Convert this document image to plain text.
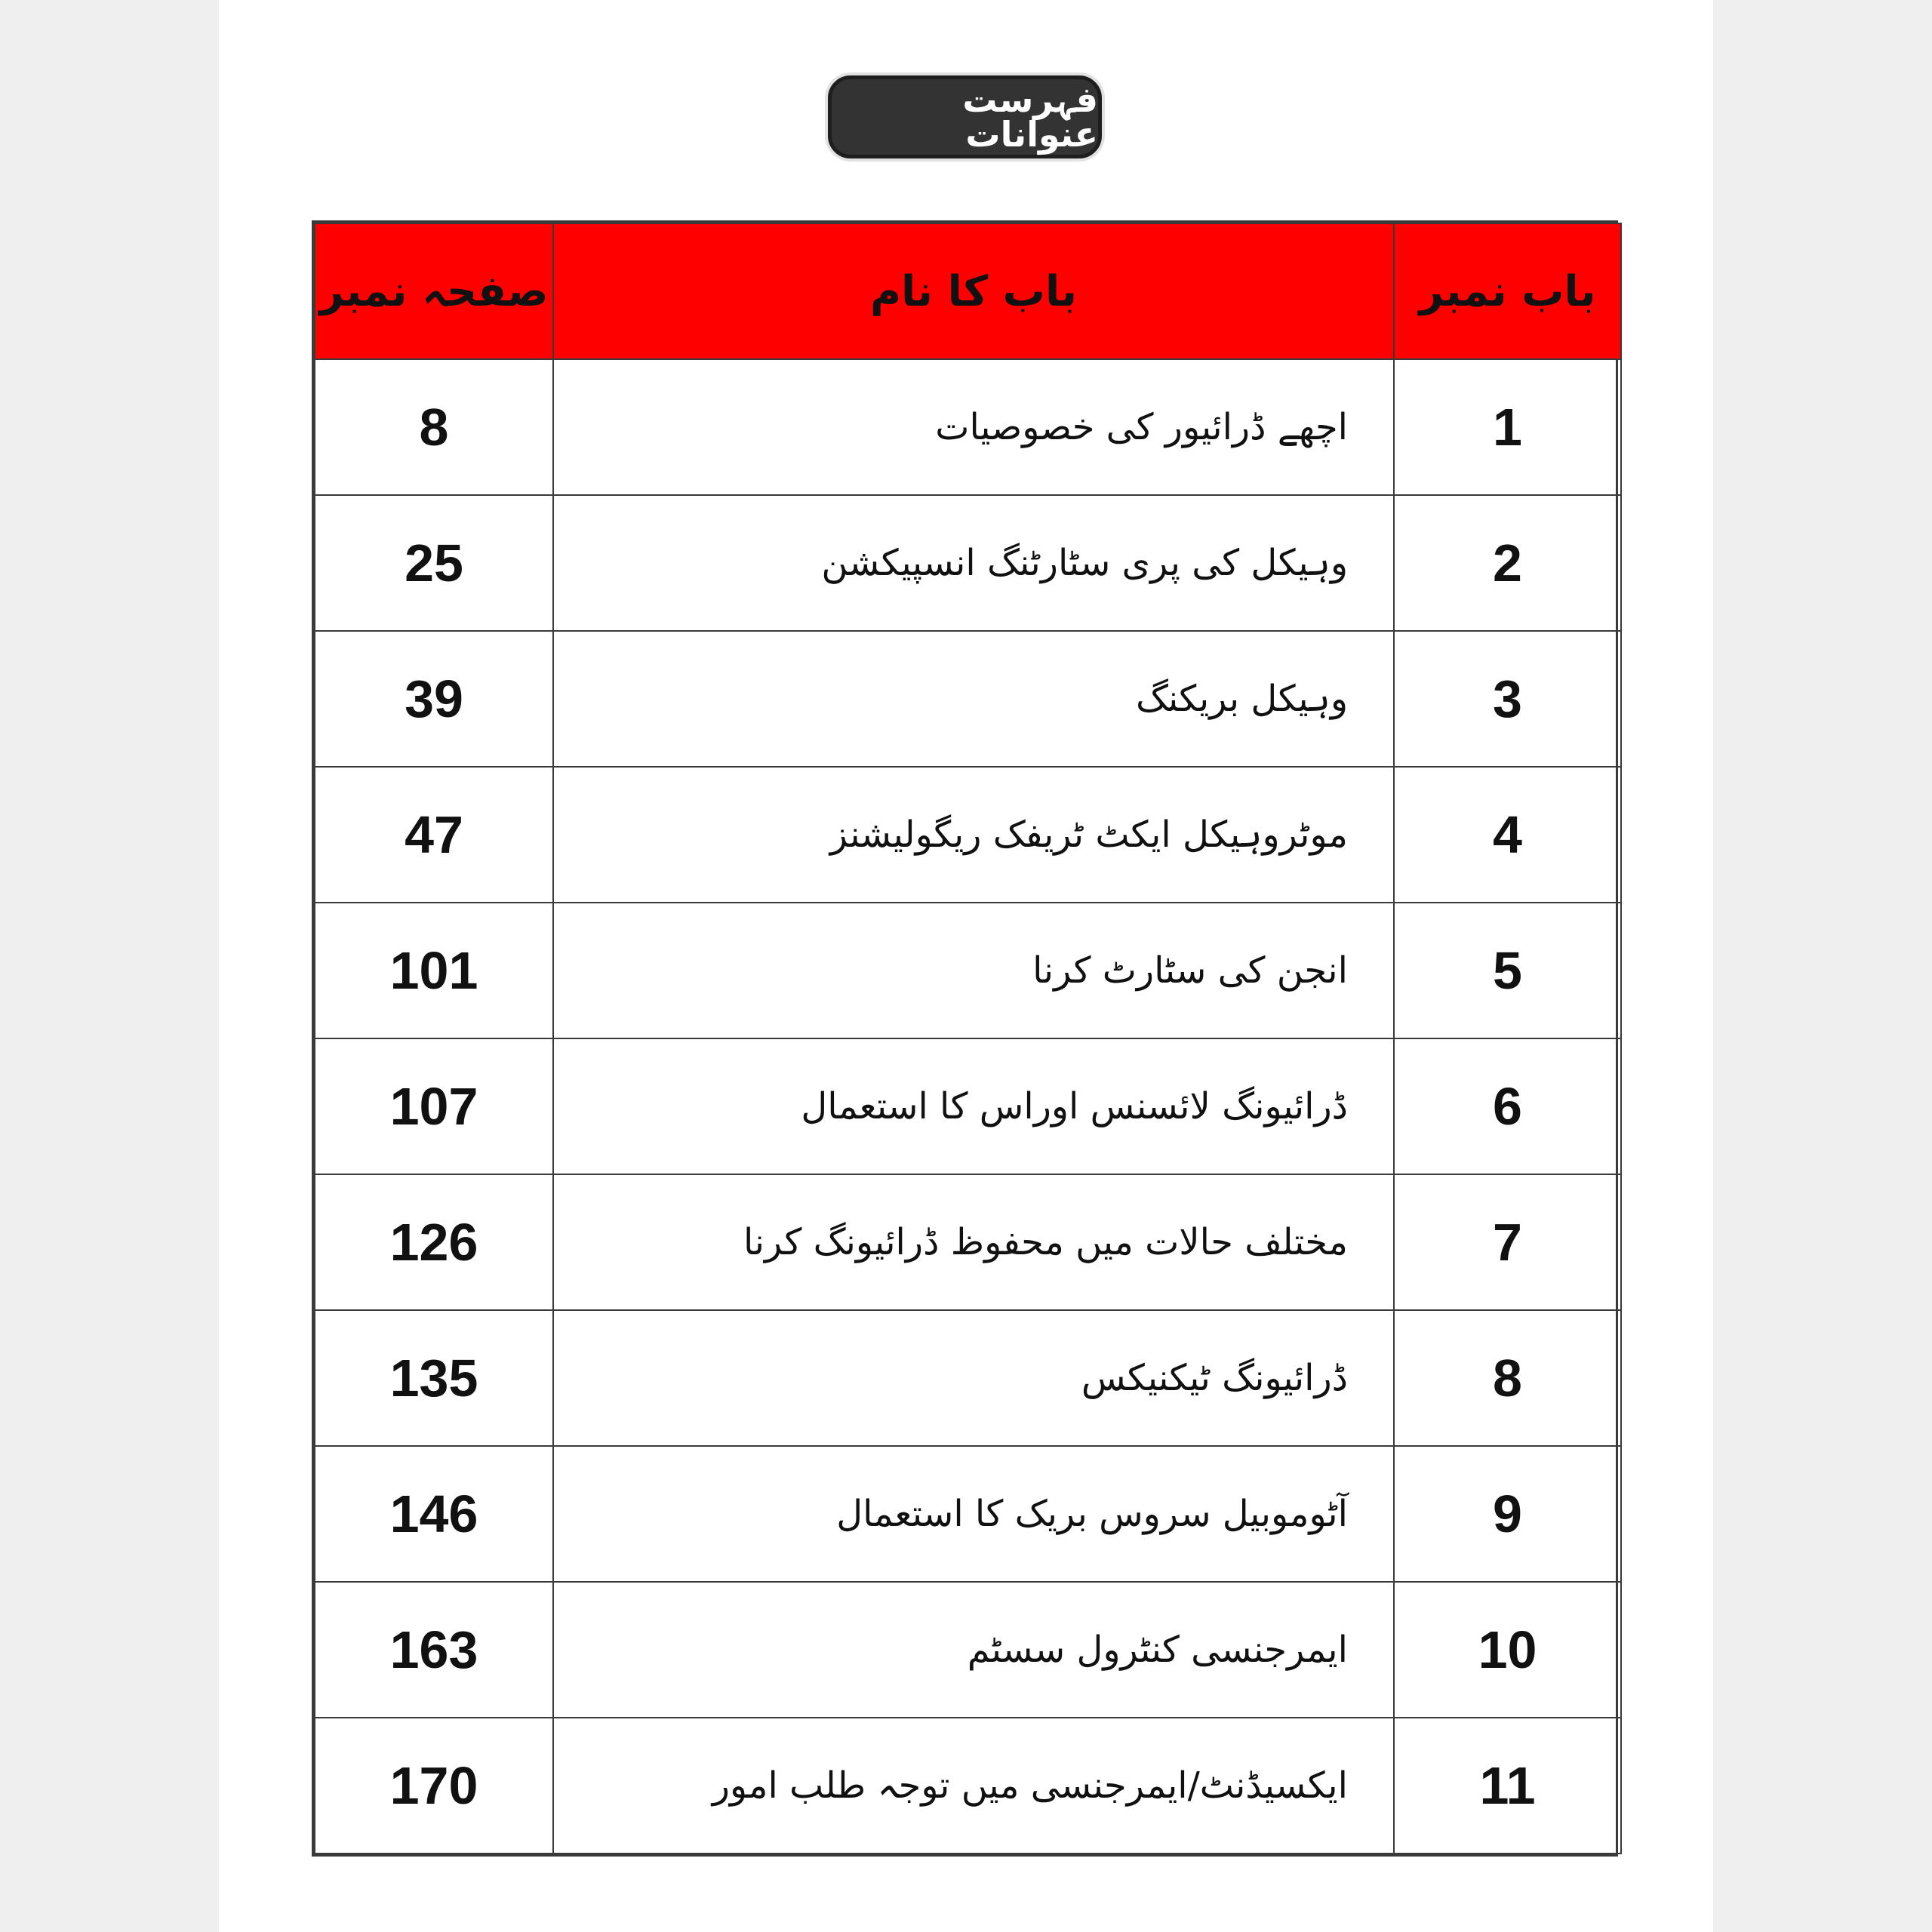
فہرست عنوانات
صفحہ نمبر	باب کا نام	باب نمبر
8	اچھے ڈرائیور کی خصوصیات	1
25	وہیکل کی پری سٹارٹنگ انسپیکشن	2
39	وہیکل بریکنگ	3
47	موٹروہیکل ایکٹ ٹریفک ریگولیشنز	4
101	انجن کی سٹارٹ کرنا	5
107	ڈرائیونگ لائسنس اوراس کا استعمال	6
126	مختلف حالات میں محفوظ ڈرائیونگ کرنا	7
135	ڈرائیونگ ٹیکنیکس	8
146	آٹوموبیل سروس بریک کا استعمال	9
163	ایمرجنسی کنٹرول سسٹم	10
170	ایکسیڈنٹ/ایمرجنسی میں توجہ طلب امور	11
